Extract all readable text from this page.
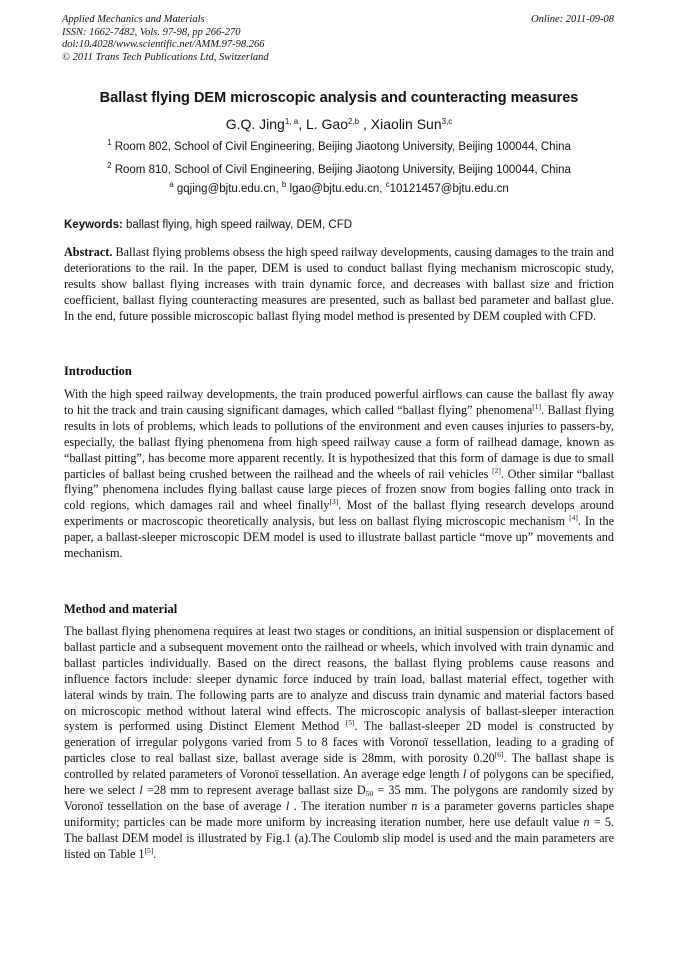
Applied Mechanics and Materials
ISSN: 1662-7482, Vols. 97-98, pp 266-270
doi:10.4028/www.scientific.net/AMM.97-98.266
© 2011 Trans Tech Publications Ltd, Switzerland
Online: 2011-09-08
Ballast flying DEM microscopic analysis and counteracting measures
G.Q. Jing$^{1, a}$, L. Gao$^{2,b}$ , Xiaolin Sun$^{3,c}$
$^1$ Room 802, School of Civil Engineering, Beijing Jiaotong University, Beijing 100044, China
$^2$ Room 810, School of Civil Engineering, Beijing Jiaotong University, Beijing 100044, China
$^a$ gqjing@bjtu.edu.cn, $^b$ lgao@bjtu.edu.cn, $^c$10121457@bjtu.edu.cn
Keywords: ballast flying, high speed railway, DEM, CFD

Abstract. Ballast flying problems obsess the high speed railway developments, causing damages to the train and deteriorations to the rail. In the paper, DEM is used to conduct ballast flying mechanism microscopic study, results show ballast flying increases with train dynamic force, and decreases with ballast size and friction coefficient, ballast flying counteracting measures are presented, such as ballast bed parameter and ballast glue. In the end, future possible microscopic ballast flying model method is presented by DEM coupled with CFD.

Introduction

With the high speed railway developments, the train produced powerful airflows can cause the ballast fly away to hit the track and train causing significant damages, which called “ballast flying” phenomena[1]. Ballast flying results in lots of problems, which leads to pollutions of the environment and even causes injuries to passers-by, especially, the ballast flying phenomena from high speed railway cause a form of railhead damage, known as “ballast pitting”, has become more apparent recently. It is hypothesized that this form of damage is due to small particles of ballast being crushed between the railhead and the wheels of rail vehicles [2]. Other similar “ballast flying” phenomena includes flying ballast cause large pieces of frozen snow from bogies falling onto track in cold regions, which damages rail and wheel finally[3]. Most of the ballast flying research develops around experiments or macroscopic theoretically analysis, but less on ballast flying microscopic mechanism [4]. In the paper, a ballast-sleeper microscopic DEM model is used to illustrate ballast particle “move up” movements and mechanism.

Method and material

The ballast flying phenomena requires at least two stages or conditions, an initial suspension or displacement of ballast particle and a subsequent movement onto the railhead or wheels, which involved with train dynamic and ballast particles individually. Based on the direct reasons, the ballast flying problems cause reasons and influence factors include: sleeper dynamic force induced by train load, ballast material effect, together with lateral winds by train. The following parts are to analyze and discuss train dynamic and material factors based on microscopic method without lateral wind effects. The microscopic analysis of ballast-sleeper interaction system is performed using Distinct Element Method [5]. The ballast-sleeper 2D model is constructed by generation of irregular polygons varied from 5 to 8 faces with Voronoï tessellation, leading to a grading of particles close to real ballast size, ballast average side is 28mm, with porosity 0.20[6]. The ballast shape is controlled by related parameters of Voronoï tessellation. An average edge length l of polygons can be specified, here we select l =28 mm to represent average ballast size $D_{50} = 35$ mm. The polygons are randomly sized by Voronoï tessellation on the base of average l . The iteration number n is a parameter governs particles shape uniformity; particles can be made more uniform by increasing iteration number, here use default value n = 5. The ballast DEM model is illustrated by Fig.1 (a).The Coulomb slip model is used and the main parameters are listed on Table 1[5].
